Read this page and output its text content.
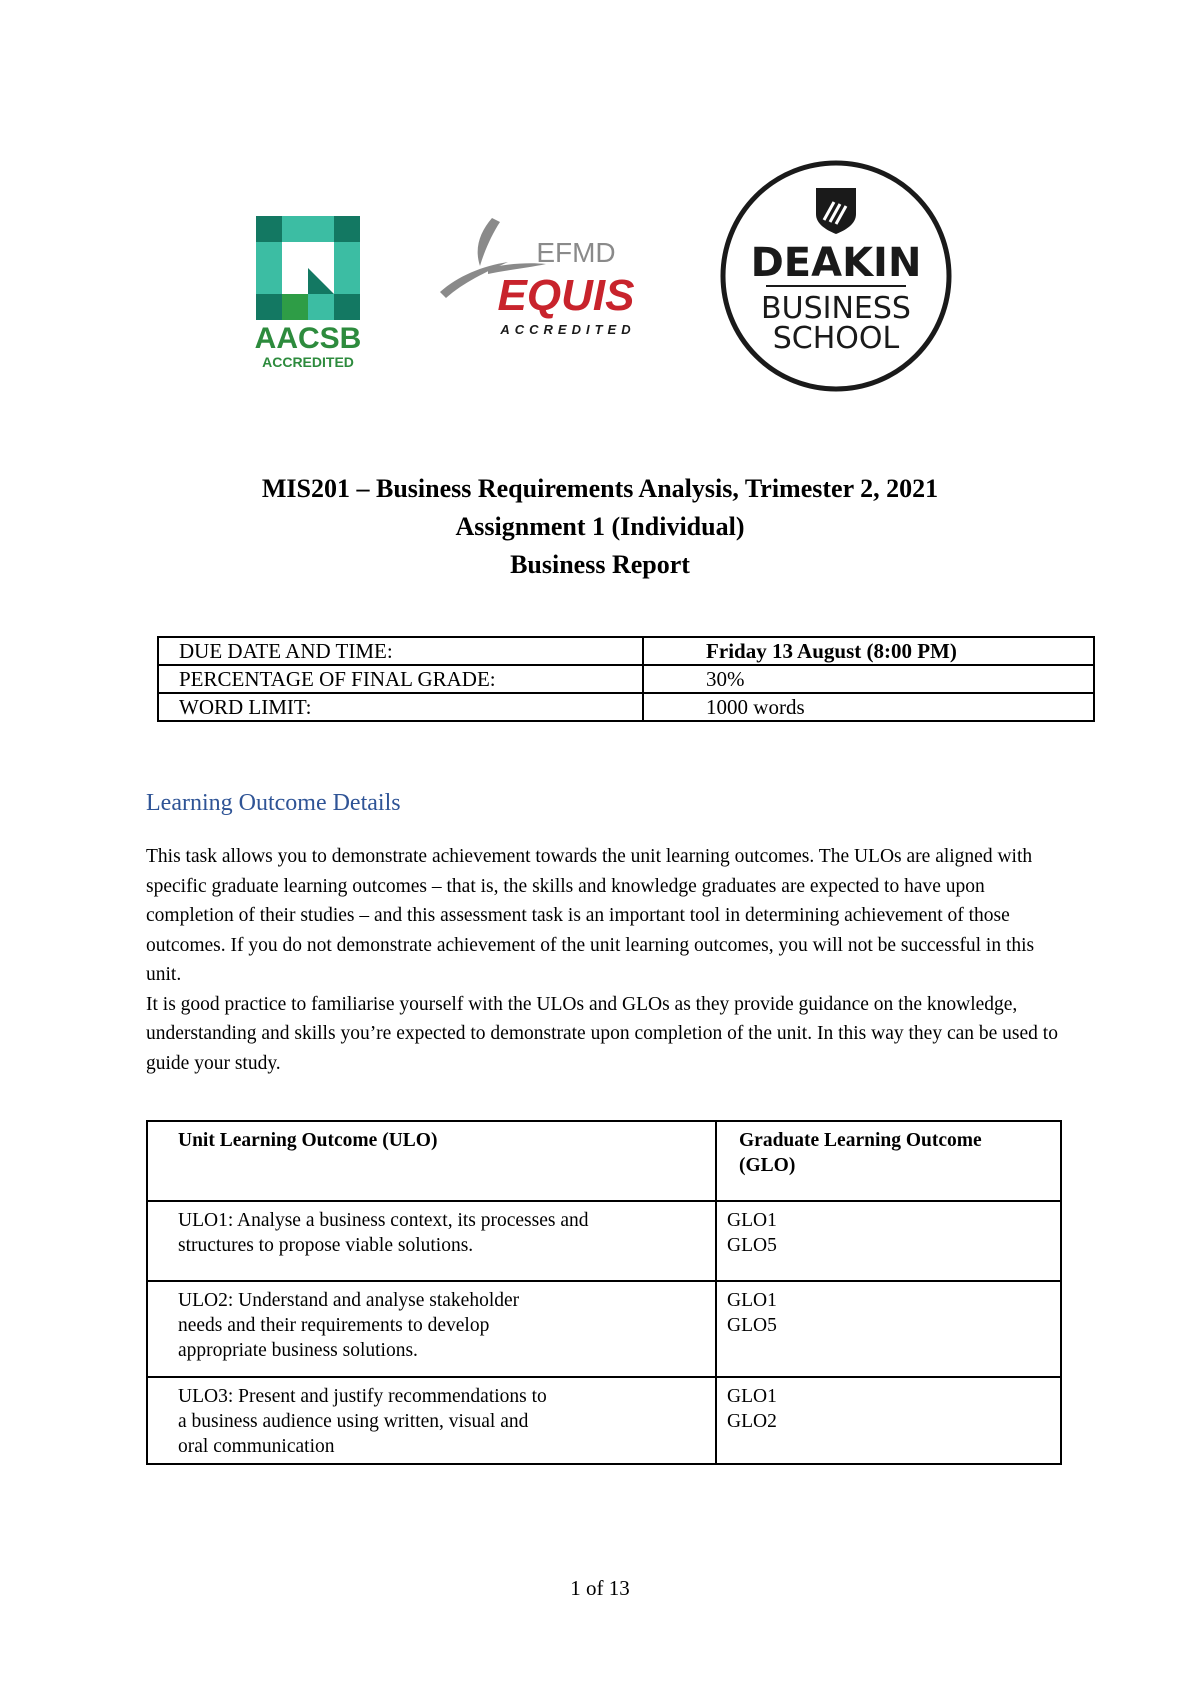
AACSB
ACCREDITED
EFMD
EQUIS
ACCREDITED
DEAKIN
BUSINESS
SCHOOL
MIS201 – Business Requirements Analysis, Trimester 2, 2021
Assignment 1 (Individual)
Business Report
DUE DATE AND TIME:	Friday 13 August (8:00 PM)
PERCENTAGE OF FINAL GRADE:	30%
WORD LIMIT:	1000 words
Learning Outcome Details

This task allows you to demonstrate achievement towards the unit learning outcomes. The ULOs are aligned with specific graduate learning outcomes – that is, the skills and knowledge graduates are expected to have upon completion of their studies – and this assessment task is an important tool in determining achievement of those outcomes. If you do not demonstrate achievement of the unit learning outcomes, you will not be successful in this unit.

It is good practice to familiarise yourself with the ULOs and GLOs as they provide guidance on the knowledge, understanding and skills you’re expected to demonstrate upon completion of the unit. In this way they can be used to guide your study.

Unit Learning Outcome (ULO)	Graduate Learning Outcome
(GLO)

ULO1: Analyse a business context, its processes and
structures to propose viable solutions.	GLO1
GLO5

ULO2: Understand and analyse stakeholder
needs and their requirements to develop
appropriate business solutions.	GLO1
GLO5

ULO3: Present and justify recommendations to
a business audience using written, visual and
oral communication	GLO1
GLO2
1 of 13
